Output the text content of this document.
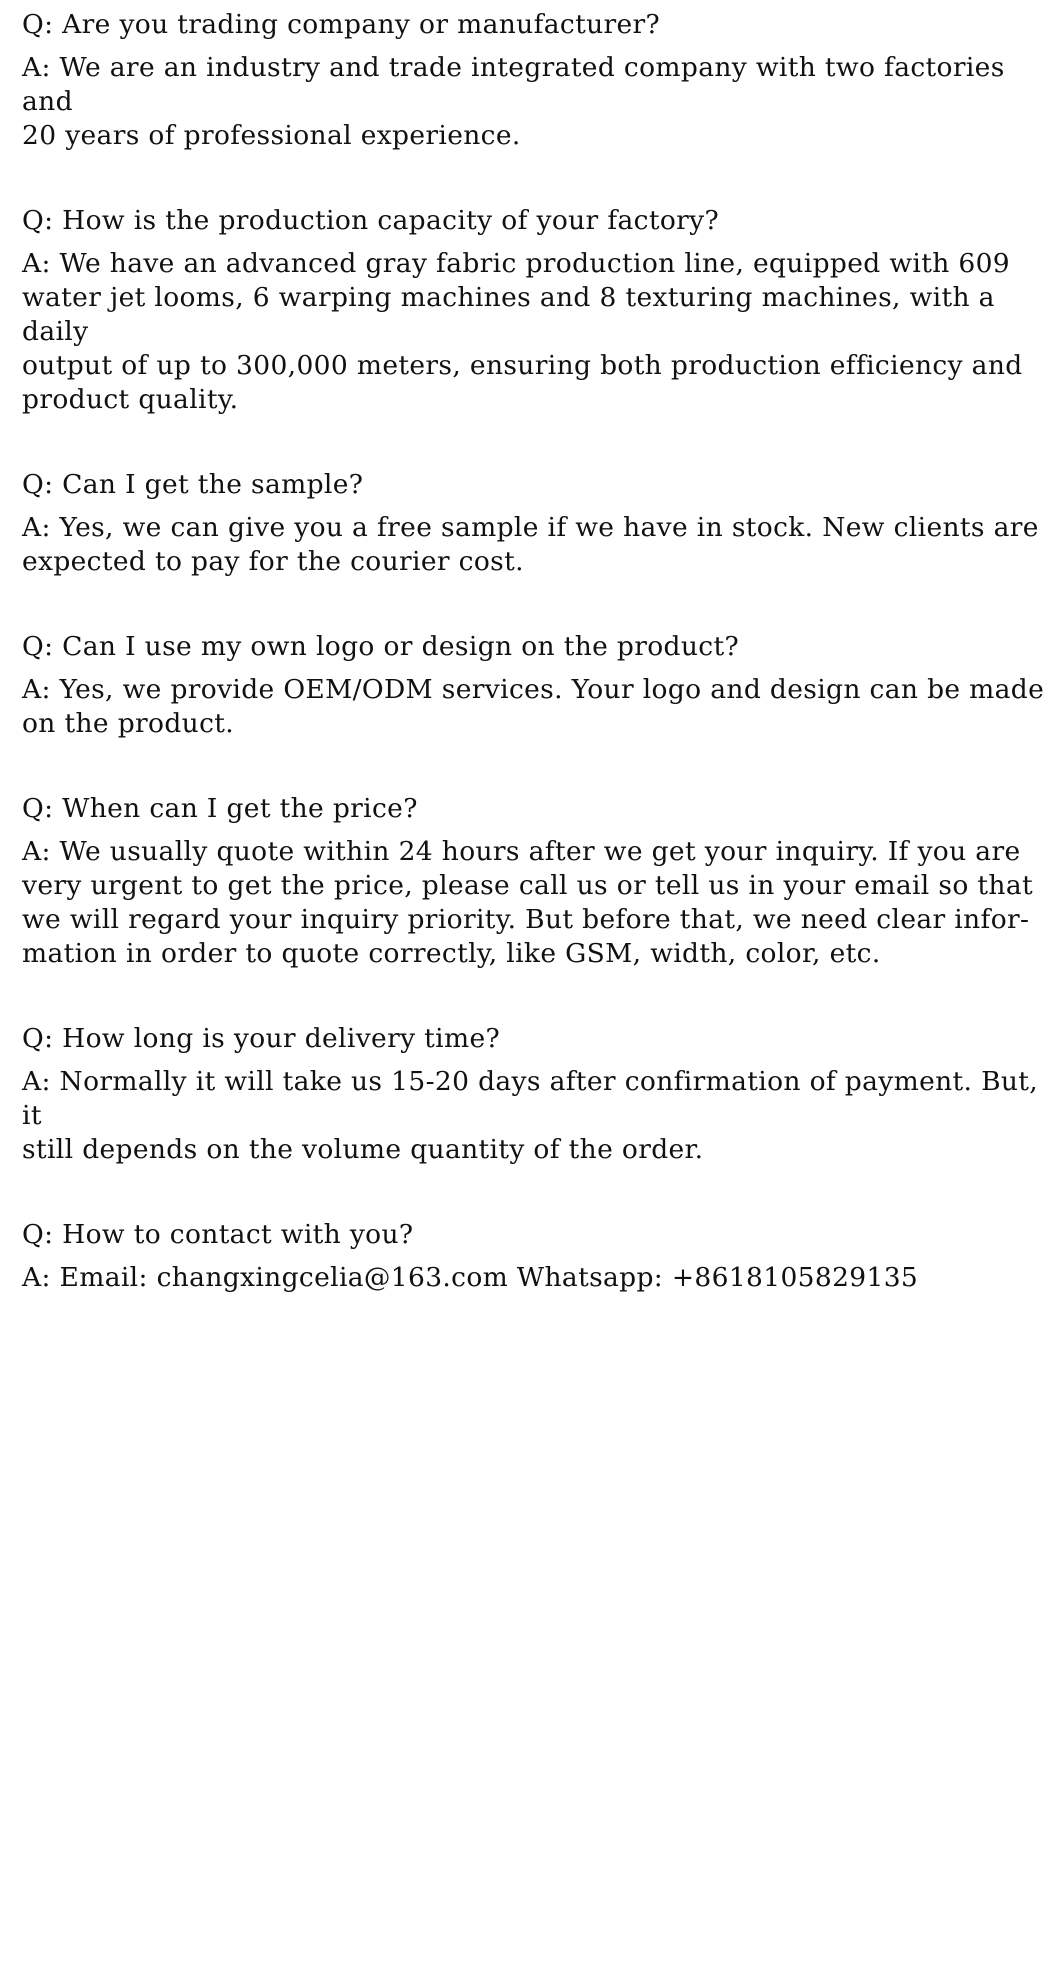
Q: Are you trading company or manufacturer?
A: We are an industry and trade integrated company with two factories and
20 years of professional experience.
Q: How is the production capacity of your factory?
A: We have an advanced gray fabric production line, equipped with 609
water jet looms, 6 warping machines and 8 texturing machines, with a daily
output of up to 300,000 meters, ensuring both production efficiency and
product quality.
Q: Can I get the sample?
A: Yes, we can give you a free sample if we have in stock. New clients are
expected to pay for the courier cost.
Q: Can I use my own logo or design on the product?
A: Yes, we provide OEM/ODM services. Your logo and design can be made
on the product.
Q: When can I get the price?
A: We usually quote within 24 hours after we get your inquiry. If you are
very urgent to get the price, please call us or tell us in your email so that
we will regard your inquiry priority. But before that, we need clear infor-
mation in order to quote correctly, like GSM, width, color, etc.
Q: How long is your delivery time?
A: Normally it will take us 15-20 days after confirmation of payment. But, it
still depends on the volume quantity of the order.
Q: How to contact with you?
A: Email: changxingcelia@163.com Whatsapp: +8618105829135
